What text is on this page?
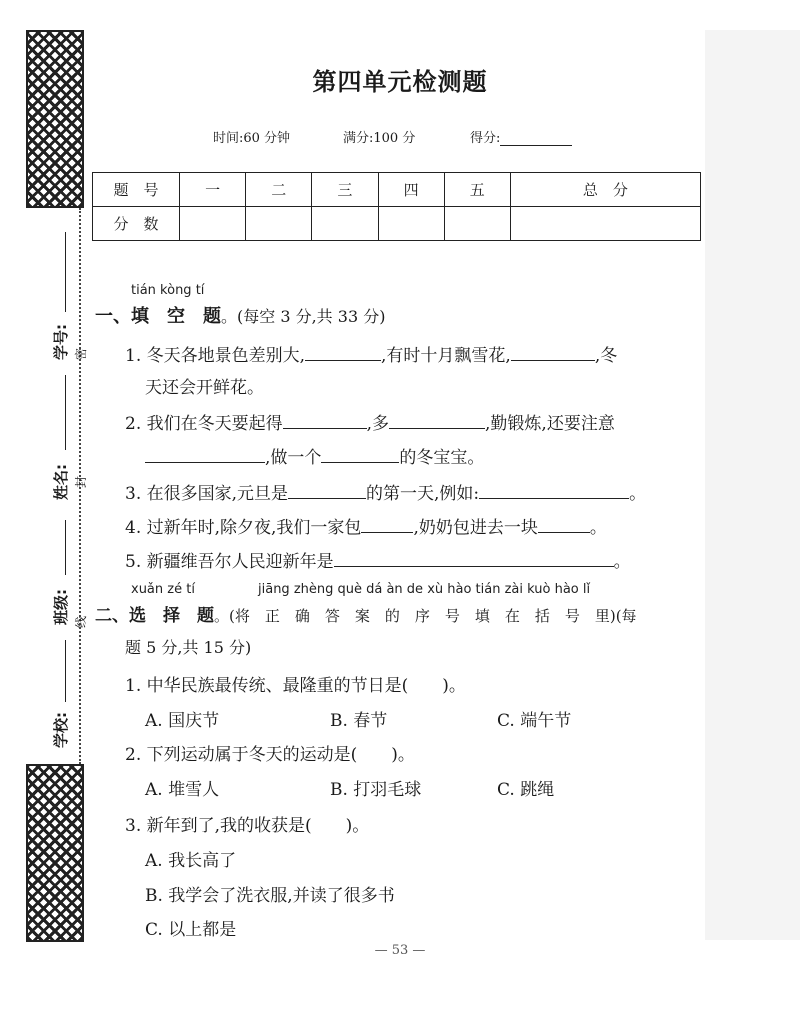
学号:
姓名:
班级:
学校:
密
封
线
第四单元检测题
时间:60 分钟	满分:100 分	得分:
题　号	一	二	三	四	五	总　分
分　数						
tián kòng tí
一、填　空　题。(每空 3 分,共 33 分)
1. 冬天各地景色差别大,	,有时十月飘雪花,	,冬
天还会开鲜花。
2. 我们在冬天要起得	,多	,勤锻炼,还要注意
,做一个	的冬宝宝。
3. 在很多国家,元旦是	的第一天,例如:	。
4. 过新年时,除夕夜,我们一家包	,奶奶包进去一块	。
5. 新疆维吾尔人民迎新年是	。
xuǎn zé tí	jiāng zhèng què dá àn de xù hào tián zài kuò hào lǐ
二、选　择　题。(将　正　确　答　案　的　序　号　填　在　括　号　里)(每
题 5 分,共 15 分)
1. 中华民族最传统、最隆重的节日是(　　)。
A. 国庆节	B. 春节	C. 端午节
2. 下列运动属于冬天的运动是(　　)。
A. 堆雪人	B. 打羽毛球	C. 跳绳
3. 新年到了,我的收获是(　　)。
A. 我长高了
B. 我学会了洗衣服,并读了很多书
C. 以上都是
— 53 —
